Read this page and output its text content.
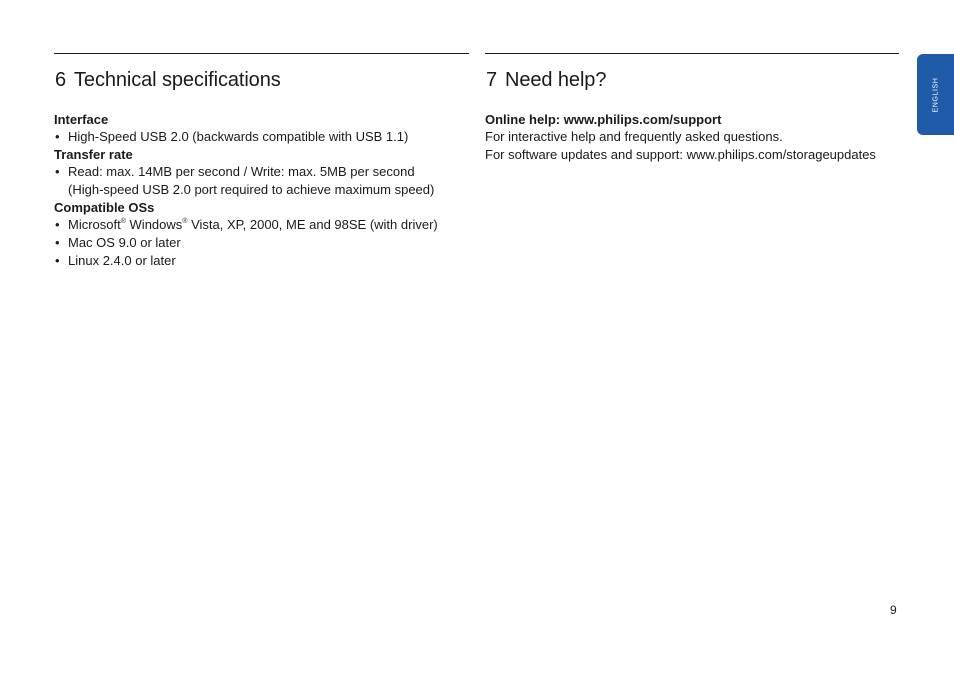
6 Technical specifications

Interface

• High-Speed USB 2.0 (backwards compatible with USB 1.1)

Transfer rate

• Read: max. 14MB per second / Write: max. 5MB per second
(High-speed USB 2.0 port required to achieve maximum speed)

Compatible OSs

• Microsoft® Windows® Vista, XP, 2000, ME and 98SE (with driver)

• Mac OS 9.0 or later

• Linux 2.4.0 or later

7 Need help?

Online help: www.philips.com/support

For interactive help and frequently asked questions.

For software updates and support: www.philips.com/storageupdates

ENGLISH
9
